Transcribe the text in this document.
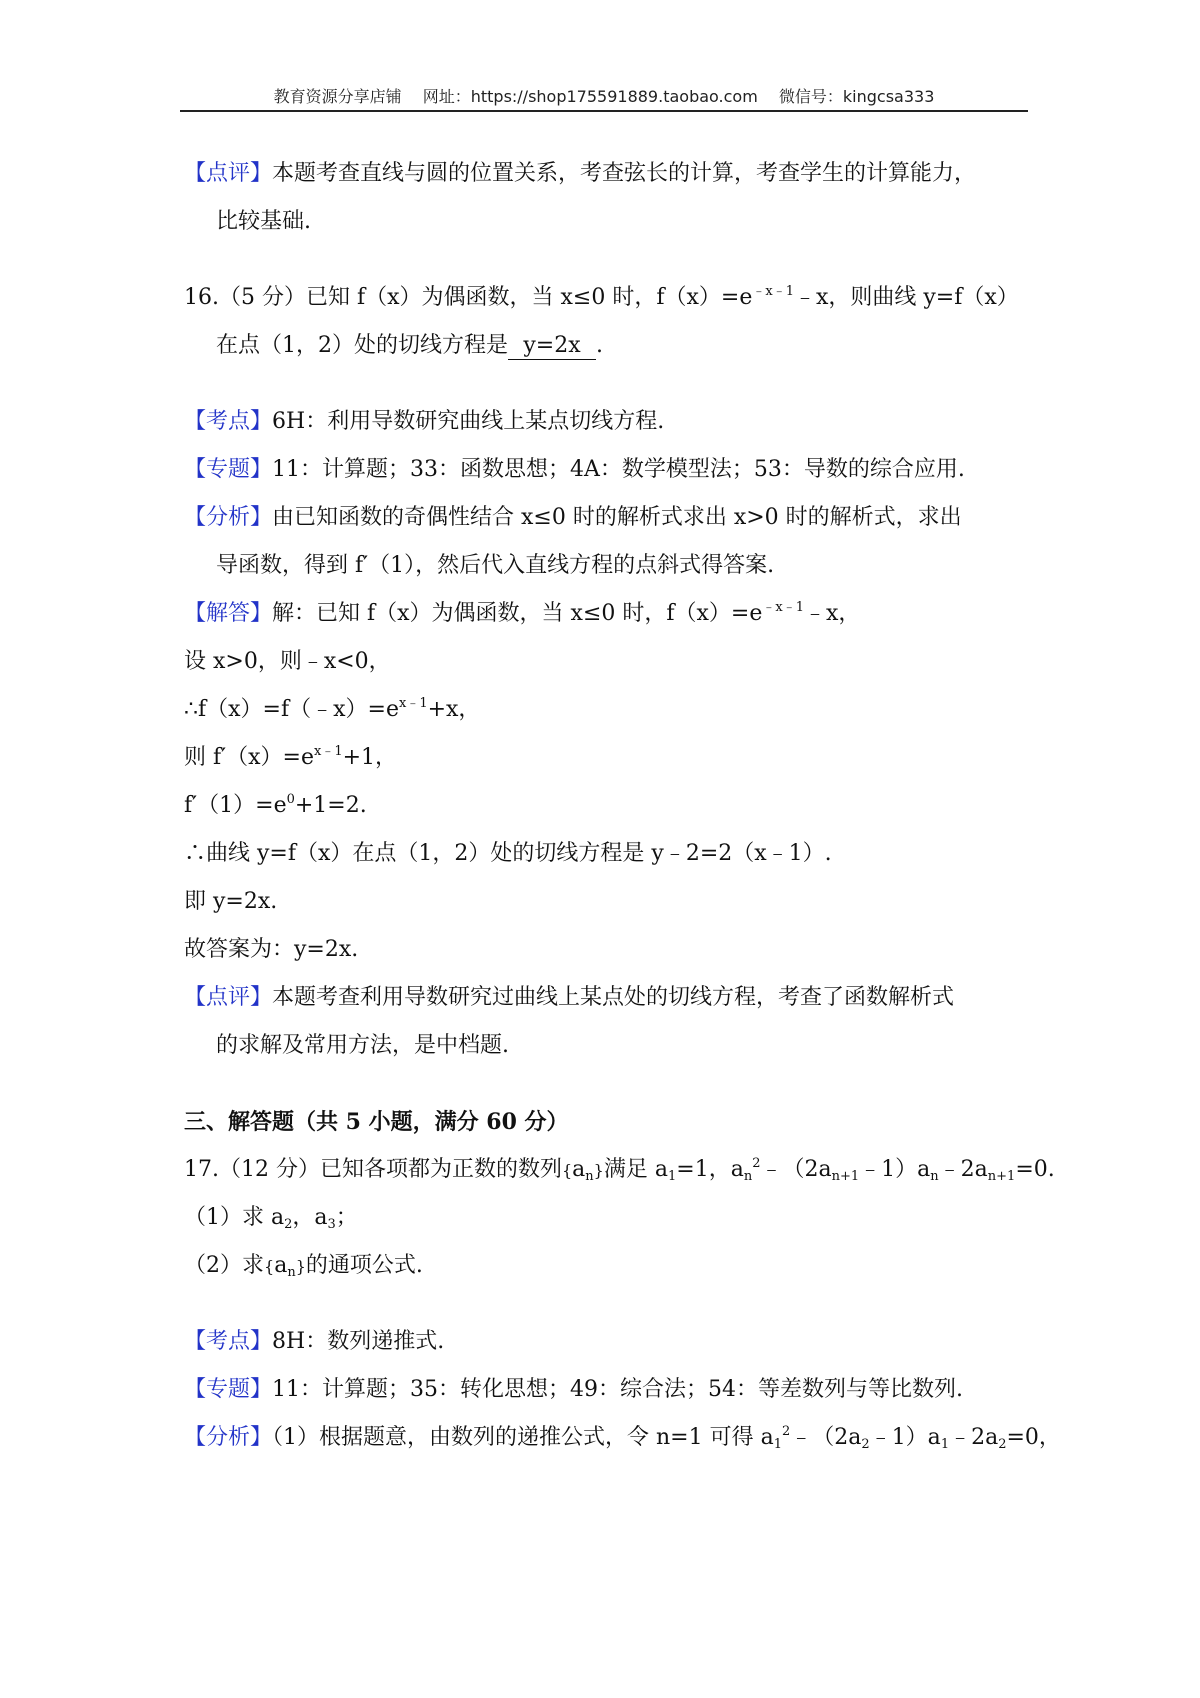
教育资源分享店铺 网址：https://shop175591889.taobao.com 微信号：kingcsa333
【点评】本题考查直线与圆的位置关系，考查弦长的计算，考查学生的计算能力，
比较基础.
16.（5 分）已知 f（x）为偶函数，当 x≤0 时，$f(x)=e^{﹣x﹣1}﹣x$，则曲线 y=f（x）
在点（1，2）处的切线方程是 y=2x .
【考点】6H：利用导数研究曲线上某点切线方程.
【专题】11：计算题；33：函数思想；4A：数学模型法；53：导数的综合应用.
【分析】由已知函数的奇偶性结合 x≤0 时的解析式求出 x>0 时的解析式，求出
导函数，得到 f′（1），然后代入直线方程的点斜式得答案.
【解答】解：已知 f（x）为偶函数，当 x≤0 时，$f(x)=e^{﹣x﹣1}﹣x$，
设 x>0，则﹣x<0，
$\therefore f(x)=f(﹣x)=e^{x﹣1}+x$，
则 $f'(x)=e^{x﹣1}+1$，
$f'(1)=e^0+1=2$.
∴曲线 y=f（x）在点（1，2）处的切线方程是 y﹣2=2（x﹣1）.
即 y=2x.
故答案为：y=2x.
【点评】本题考查利用导数研究过曲线上某点处的切线方程，考查了函数解析式
的求解及常用方法，是中档题.
三、解答题（共 5 小题，满分 60 分）
17.（12 分）已知各项都为正数的数列$\{a_n\}$满足 $a_1=1$，$a_n^2﹣(2a_{n+1}﹣1)a_n﹣2a_{n+1}=0$.
（1）求 $a_2$，$a_3$；
（2）求$\{a_n\}$的通项公式.
【考点】8H：数列递推式.
【专题】11：计算题；35：转化思想；49：综合法；54：等差数列与等比数列.
【分析】（1）根据题意，由数列的递推公式，令 n=1 可得 $a_1^2﹣(2a_2﹣1)a_1﹣2a_2=0$，
